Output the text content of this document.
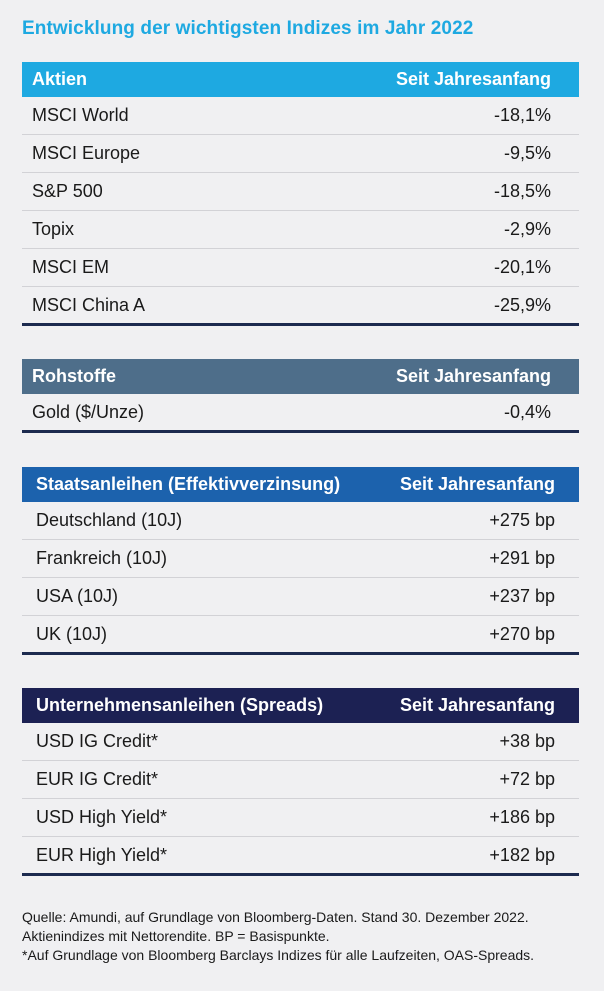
Entwicklung der wichtigsten Indizes im Jahr 2022
Aktien	Seit Jahresanfang
MSCI World	-18,1%
MSCI Europe	-9,5%
S&P 500	-18,5%
Topix	-2,9%
MSCI EM	-20,1%
MSCI China A	-25,9%
Rohstoffe	Seit Jahresanfang
Gold ($/Unze)	-0,4%
Staatsanleihen (Effektivverzinsung)	Seit Jahresanfang
Deutschland (10J)	+275 bp
Frankreich (10J)	+291 bp
USA (10J)	+237 bp
UK (10J)	+270 bp
Unternehmensanleihen (Spreads)	Seit Jahresanfang
USD IG Credit*	+38 bp
EUR IG Credit*	+72 bp
USD High Yield*	+186 bp
EUR High Yield*	+182 bp
Quelle: Amundi, auf Grundlage von Bloomberg-Daten. Stand 30. Dezember 2022.
Aktienindizes mit Nettorendite. BP = Basispunkte.
*Auf Grundlage von Bloomberg Barclays Indizes für alle Laufzeiten, OAS-Spreads.
